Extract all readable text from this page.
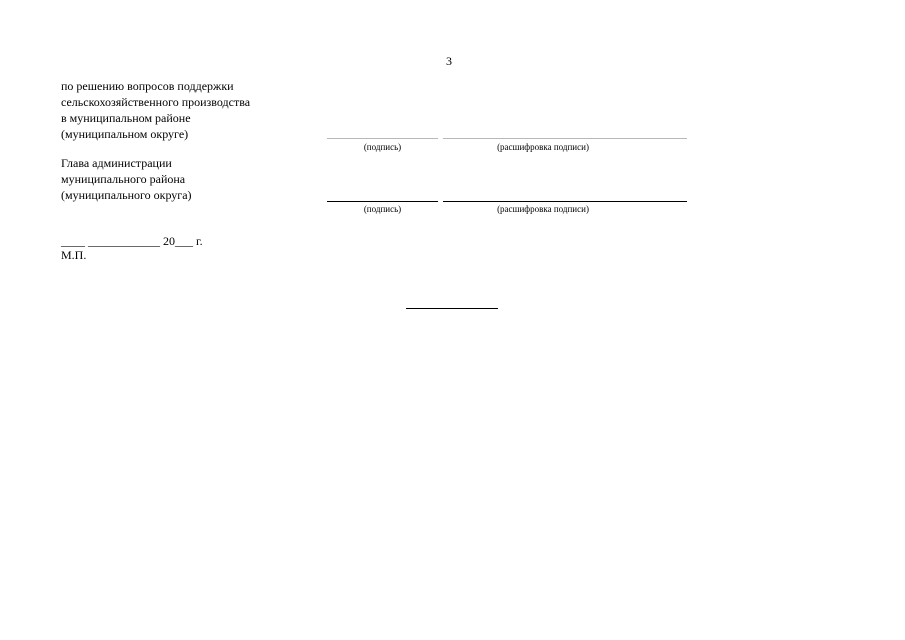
3
по решению вопросов поддержки
сельскохозяйственного производства
в муниципальном районе
(муниципальном округе)
(подпись)	(расшифровка подписи)
Глава администрации
муниципального района
(муниципального округа)
(подпись)	(расшифровка подписи)
____ ____________ 20___ г.
М.П.
